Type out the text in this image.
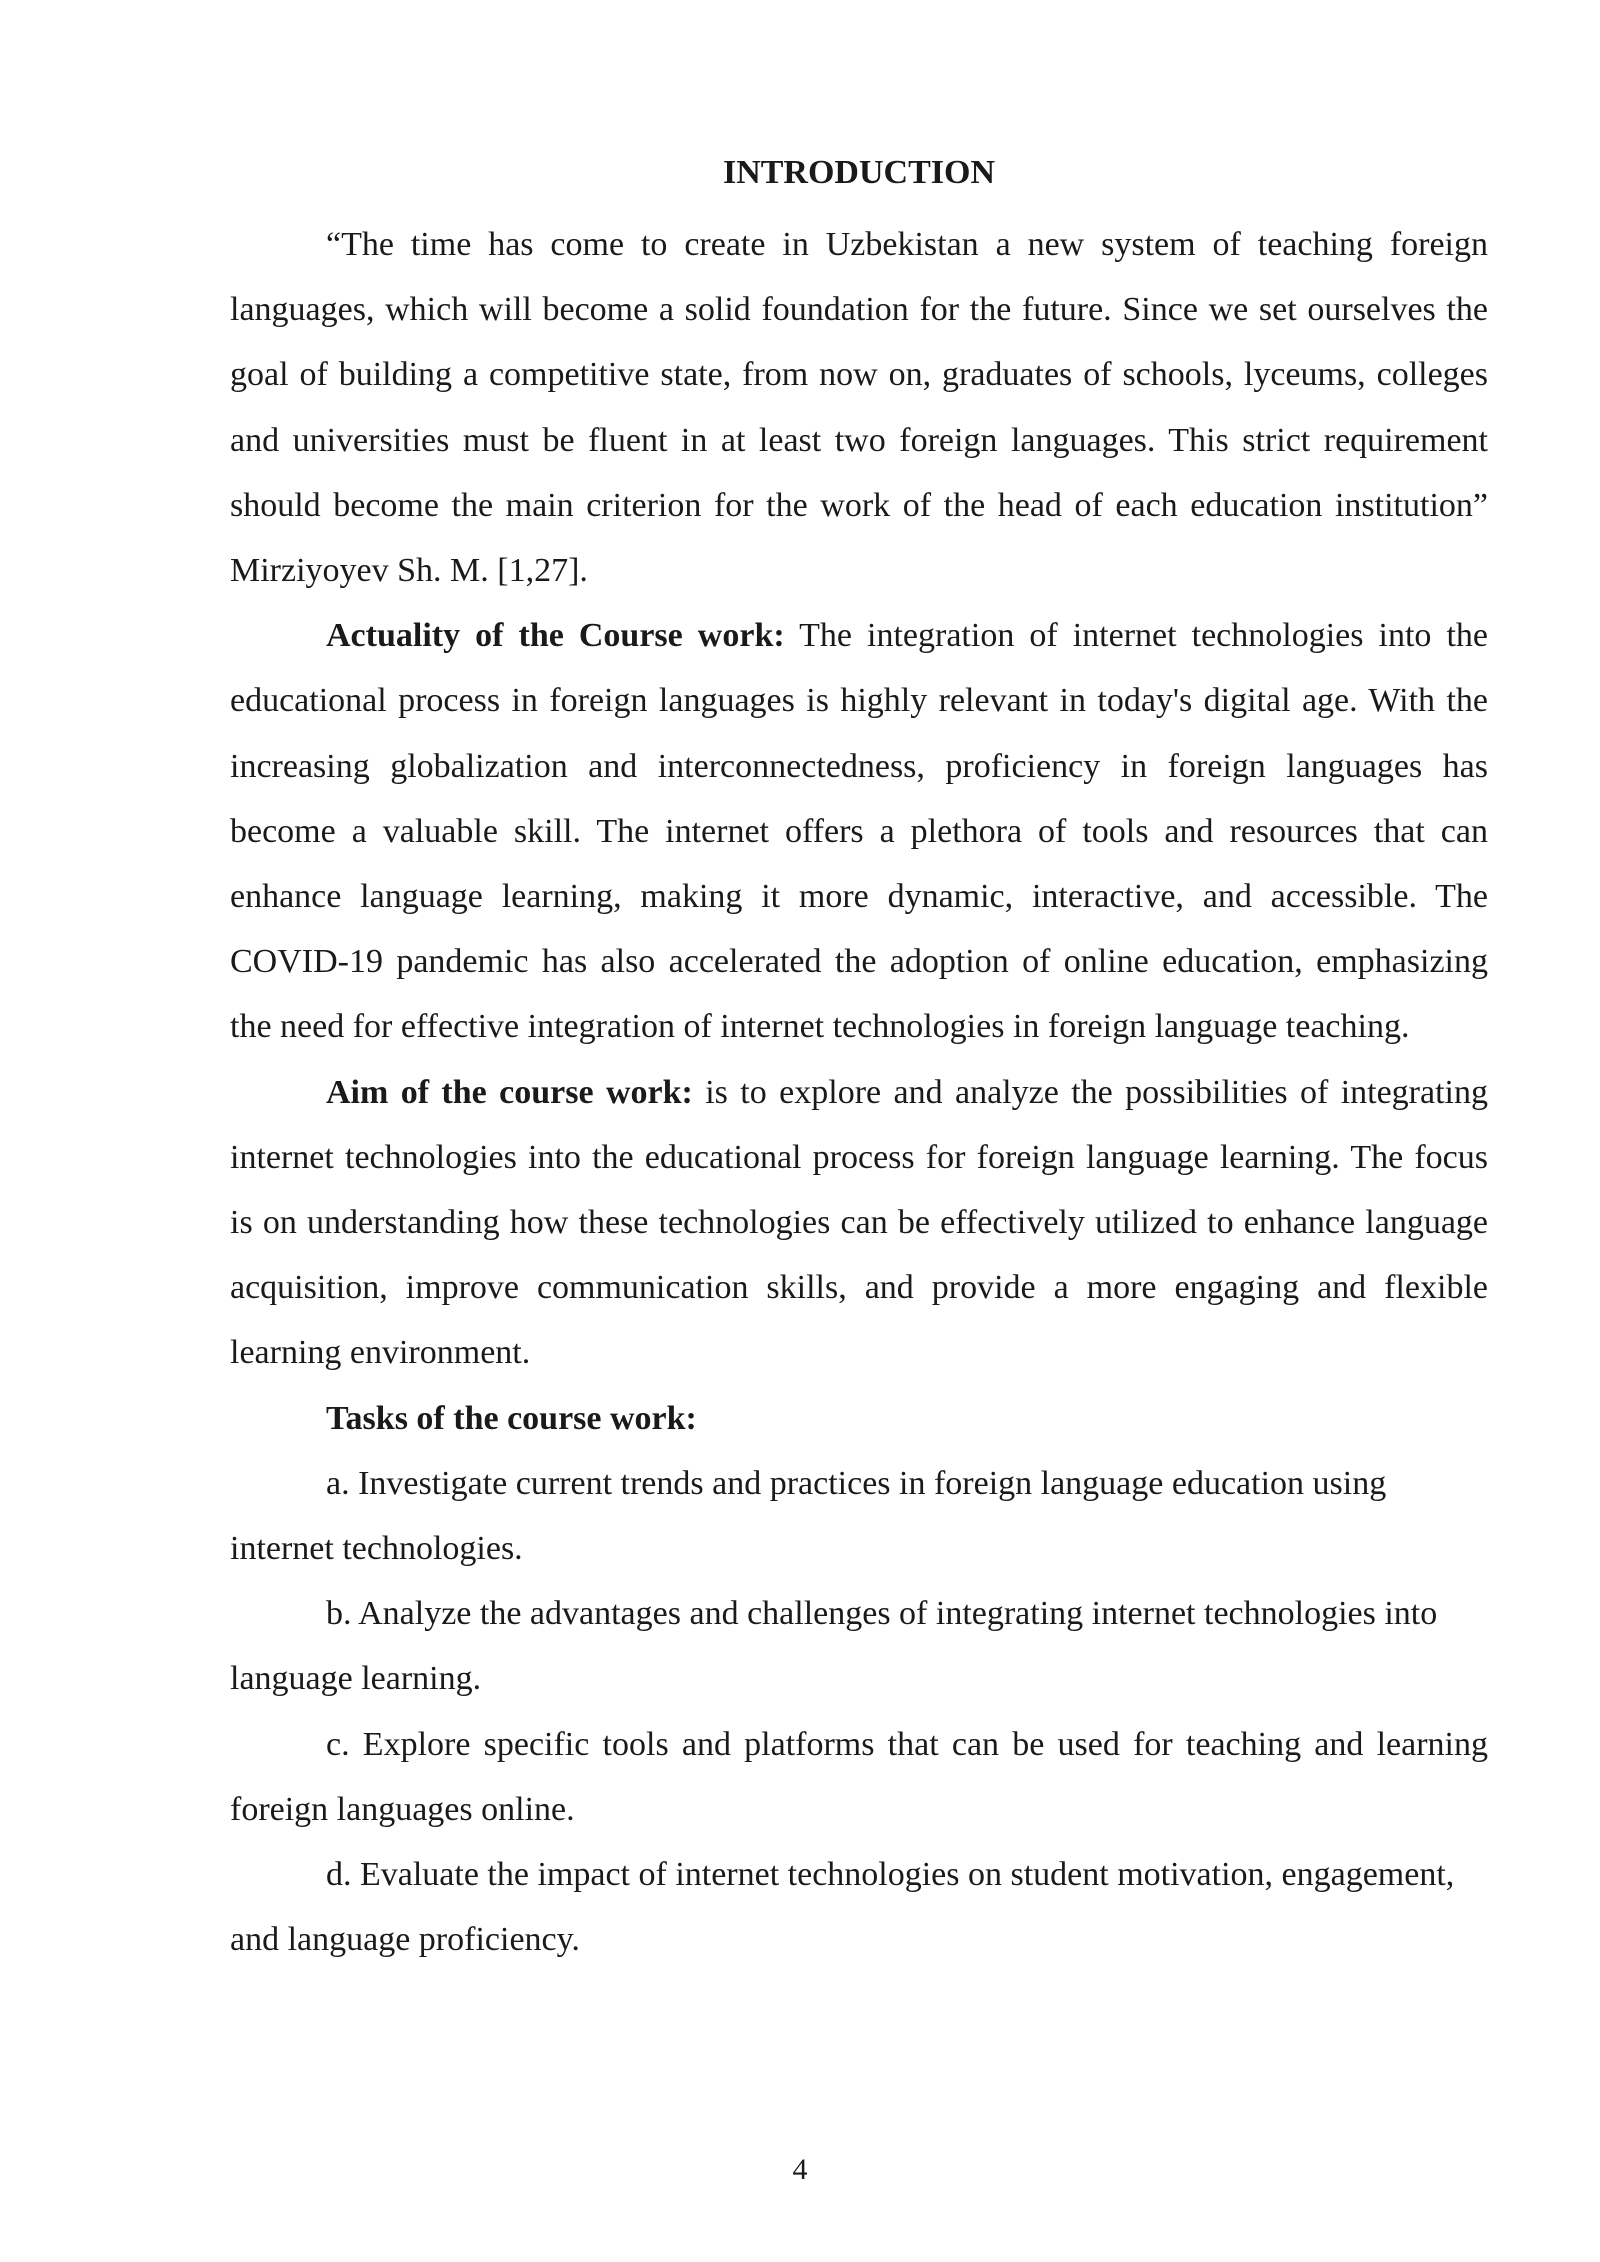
INTRODUCTION

“The time has come to create in Uzbekistan a new system of teaching foreign languages, which will become a solid foundation for the future. Since we set ourselves the goal of building a competitive state, from now on, graduates of schools, lyceums, colleges and universities must be fluent in at least two foreign languages. This strict requirement should become the main criterion for the work of the head of each education institution” Mirziyoyev Sh. M. [1,27].

Actuality of the Course work: The integration of internet technologies into the educational process in foreign languages is highly relevant in today's digital age. With the increasing globalization and interconnectedness, proficiency in foreign languages has become a valuable skill. The internet offers a plethora of tools and resources that can enhance language learning, making it more dynamic, interactive, and accessible. The COVID-19 pandemic has also accelerated the adoption of online education, emphasizing the need for effective integration of internet technologies in foreign language teaching.

Aim of the course work: is to explore and analyze the possibilities of integrating internet technologies into the educational process for foreign language learning. The focus is on understanding how these technologies can be effectively utilized to enhance language acquisition, improve communication skills, and provide a more engaging and flexible learning environment.

Tasks of the course work:

a. Investigate current trends and practices in foreign language education using internet technologies.

b. Analyze the advantages and challenges of integrating internet technologies into language learning.

c. Explore specific tools and platforms that can be used for teaching and learning foreign languages online.

d. Evaluate the impact of internet technologies on student motivation, engagement, and language proficiency.

4
